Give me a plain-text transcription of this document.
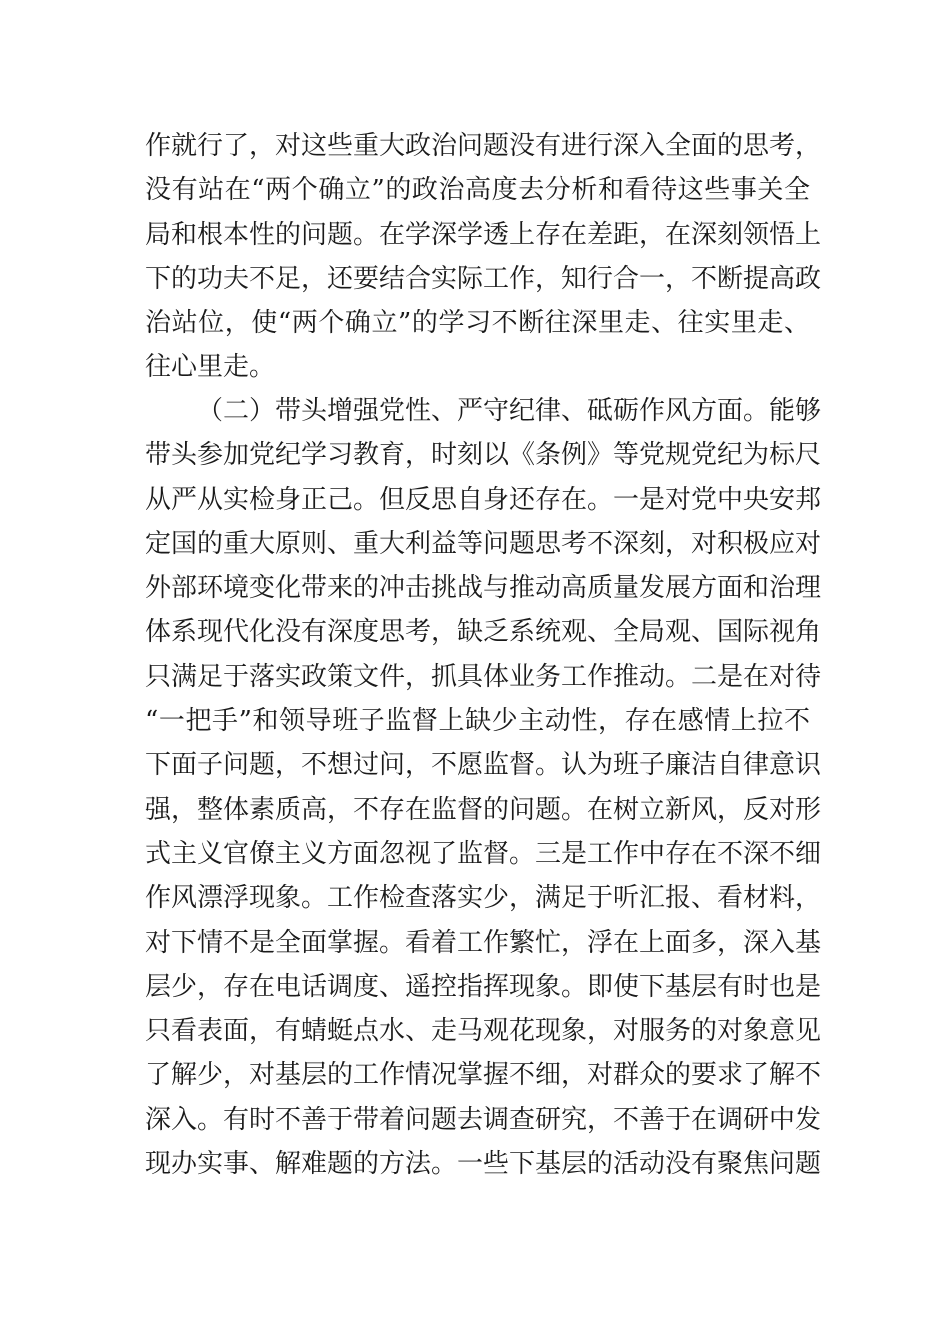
作就行了，对这些重大政治问题没有进行深入全面的思考，
没有站在“两个确立”的政治高度去分析和看待这些事关全
局和根本性的问题。在学深学透上存在差距，在深刻领悟上
下的功夫不足，还要结合实际工作，知行合一，不断提高政
治站位，使“两个确立”的学习不断往深里走、往实里走、
往心里走。
（二）带头增强党性、严守纪律、砥砺作风方面。能够
带头参加党纪学习教育，时刻以《条例》等党规党纪为标尺
从严从实检身正己。但反思自身还存在。一是对党中央安邦
定国的重大原则、重大利益等问题思考不深刻，对积极应对
外部环境变化带来的冲击挑战与推动高质量发展方面和治理
体系现代化没有深度思考，缺乏系统观、全局观、国际视角
只满足于落实政策文件，抓具体业务工作推动。二是在对待
“一把手”和领导班子监督上缺少主动性，存在感情上拉不
下面子问题，不想过问，不愿监督。认为班子廉洁自律意识
强，整体素质高，不存在监督的问题。在树立新风，反对形
式主义官僚主义方面忽视了监督。三是工作中存在不深不细
作风漂浮现象。工作检查落实少，满足于听汇报、看材料，
对下情不是全面掌握。看着工作繁忙，浮在上面多，深入基
层少，存在电话调度、遥控指挥现象。即使下基层有时也是
只看表面，有蜻蜓点水、走马观花现象，对服务的对象意见
了解少，对基层的工作情况掌握不细，对群众的要求了解不
深入。有时不善于带着问题去调查研究，不善于在调研中发
现办实事、解难题的方法。一些下基层的活动没有聚焦问题
